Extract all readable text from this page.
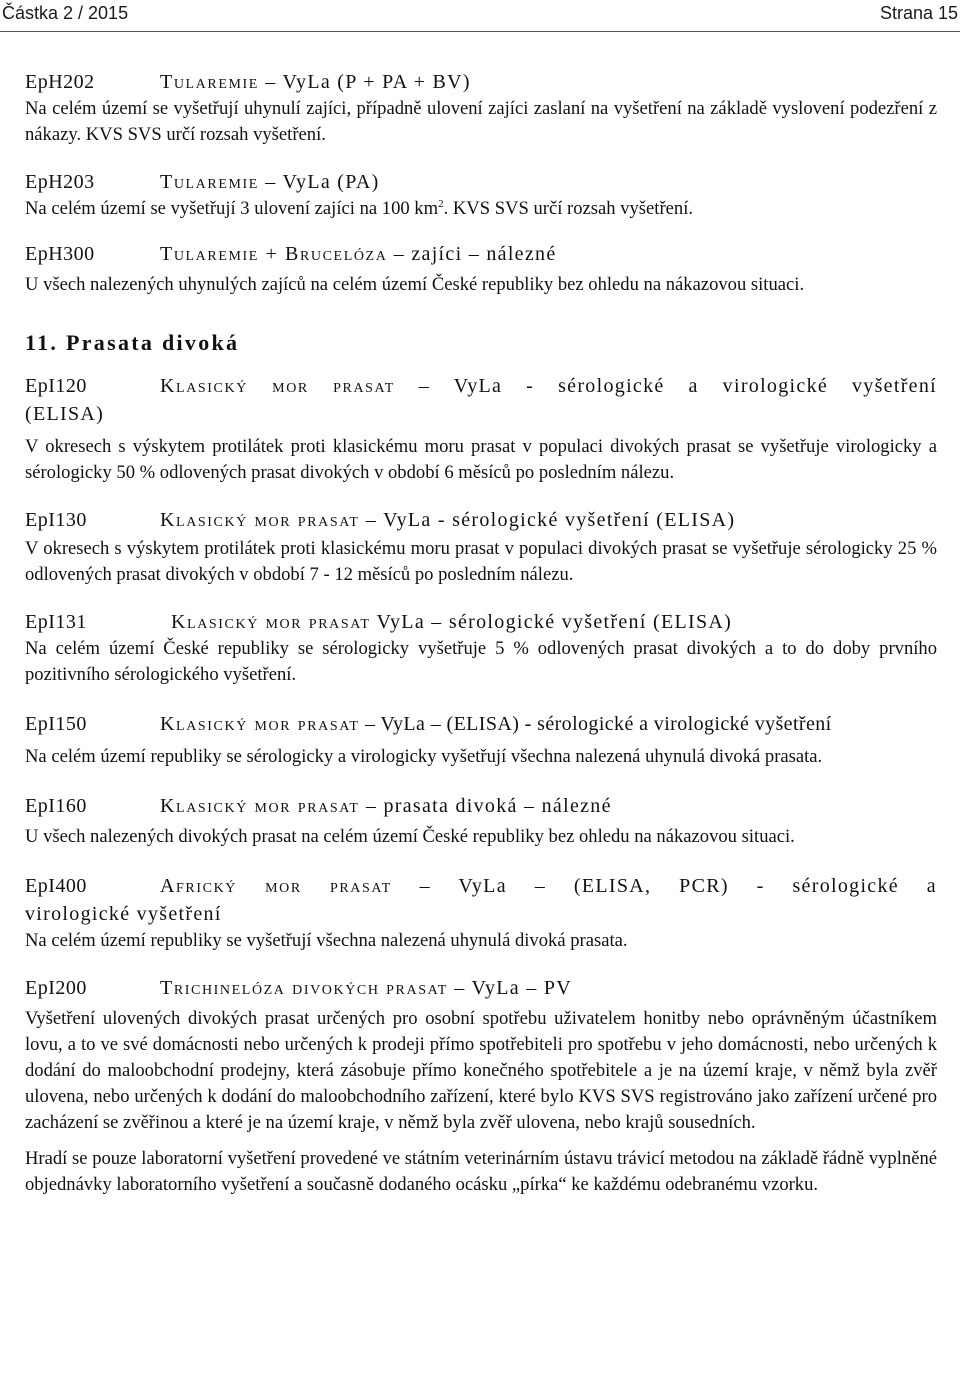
Částka 2 / 2015	Strana 15
EpH202	Tularemie – VyLa (P + PA + BV)
Na celém území se vyšetřují uhynulí zajíci, případně ulovení zajíci zaslaní na vyšetření na základě vyslovení podezření z nákazy. KVS SVS určí rozsah vyšetření.
EpH203	Tularemie – VyLa (PA)
Na celém území se vyšetřují 3 ulovení zajíci na 100 $km^2$. KVS SVS určí rozsah vyšetření.
EpH300	Tularemie + Brucelóza – zajíci – nálezné
U všech nalezených uhynulých zajíců na celém území České republiky bez ohledu na nákazovou situaci.
11. Prasata divoká
EpI120	Klasický mor prasat – VyLa - sérologické a virologické vyšetření
(ELISA)
V okresech s výskytem protilátek proti klasickému moru prasat v populaci divokých prasat se vyšetřuje virologicky a sérologicky 50 % odlovených prasat divokých v období 6 měsíců po posledním nálezu.
EpI130	Klasický mor prasat – VyLa - sérologické vyšetření (ELISA)
V okresech s výskytem protilátek proti klasickému moru prasat v populaci divokých prasat se vyšetřuje sérologicky 25 % odlovených prasat divokých v období 7 - 12 měsíců po posledním nálezu.
EpI131	Klasický mor prasat VyLa – sérologické vyšetření (ELISA)
Na celém území České republiky se sérologicky vyšetřuje 5 % odlovených prasat divokých a to do doby prvního pozitivního sérologického vyšetření.
EpI150	Klasický mor prasat – VyLa – (ELISA) - sérologické a virologické vyšetření
Na celém území republiky se sérologicky a virologicky vyšetřují všechna nalezená uhynulá divoká prasata.
EpI160	Klasický mor prasat – prasata divoká – nálezné
U všech nalezených divokých prasat na celém území České republiky bez ohledu na nákazovou situaci.
EpI400	Africký mor prasat – VyLa – (ELISA, PCR) - sérologické a
virologické vyšetření
Na celém území republiky se vyšetřují všechna nalezená uhynulá divoká prasata.
EpI200	Trichinelóza divokých prasat – VyLa – PV
Vyšetření ulovených divokých prasat určených pro osobní spotřebu uživatelem honitby nebo oprávněným účastníkem lovu, a to ve své domácnosti nebo určených k prodeji přímo spotřebiteli pro spotřebu v jeho domácnosti, nebo určených k dodání do maloobchodní prodejny, která zásobuje přímo konečného spotřebitele a je na území kraje, v němž byla zvěř ulovena, nebo určených k dodání do maloobchodního zařízení, které bylo KVS SVS registrováno jako zařízení určené pro zacházení se zvěřinou a které je na území kraje, v němž byla zvěř ulovena, nebo krajů sousedních.
Hradí se pouze laboratorní vyšetření provedené ve státním veterinárním ústavu trávicí metodou na základě řádně vyplněné objednávky laboratorního vyšetření a současně dodaného ocásku „pírka“ ke každému odebranému vzorku.
